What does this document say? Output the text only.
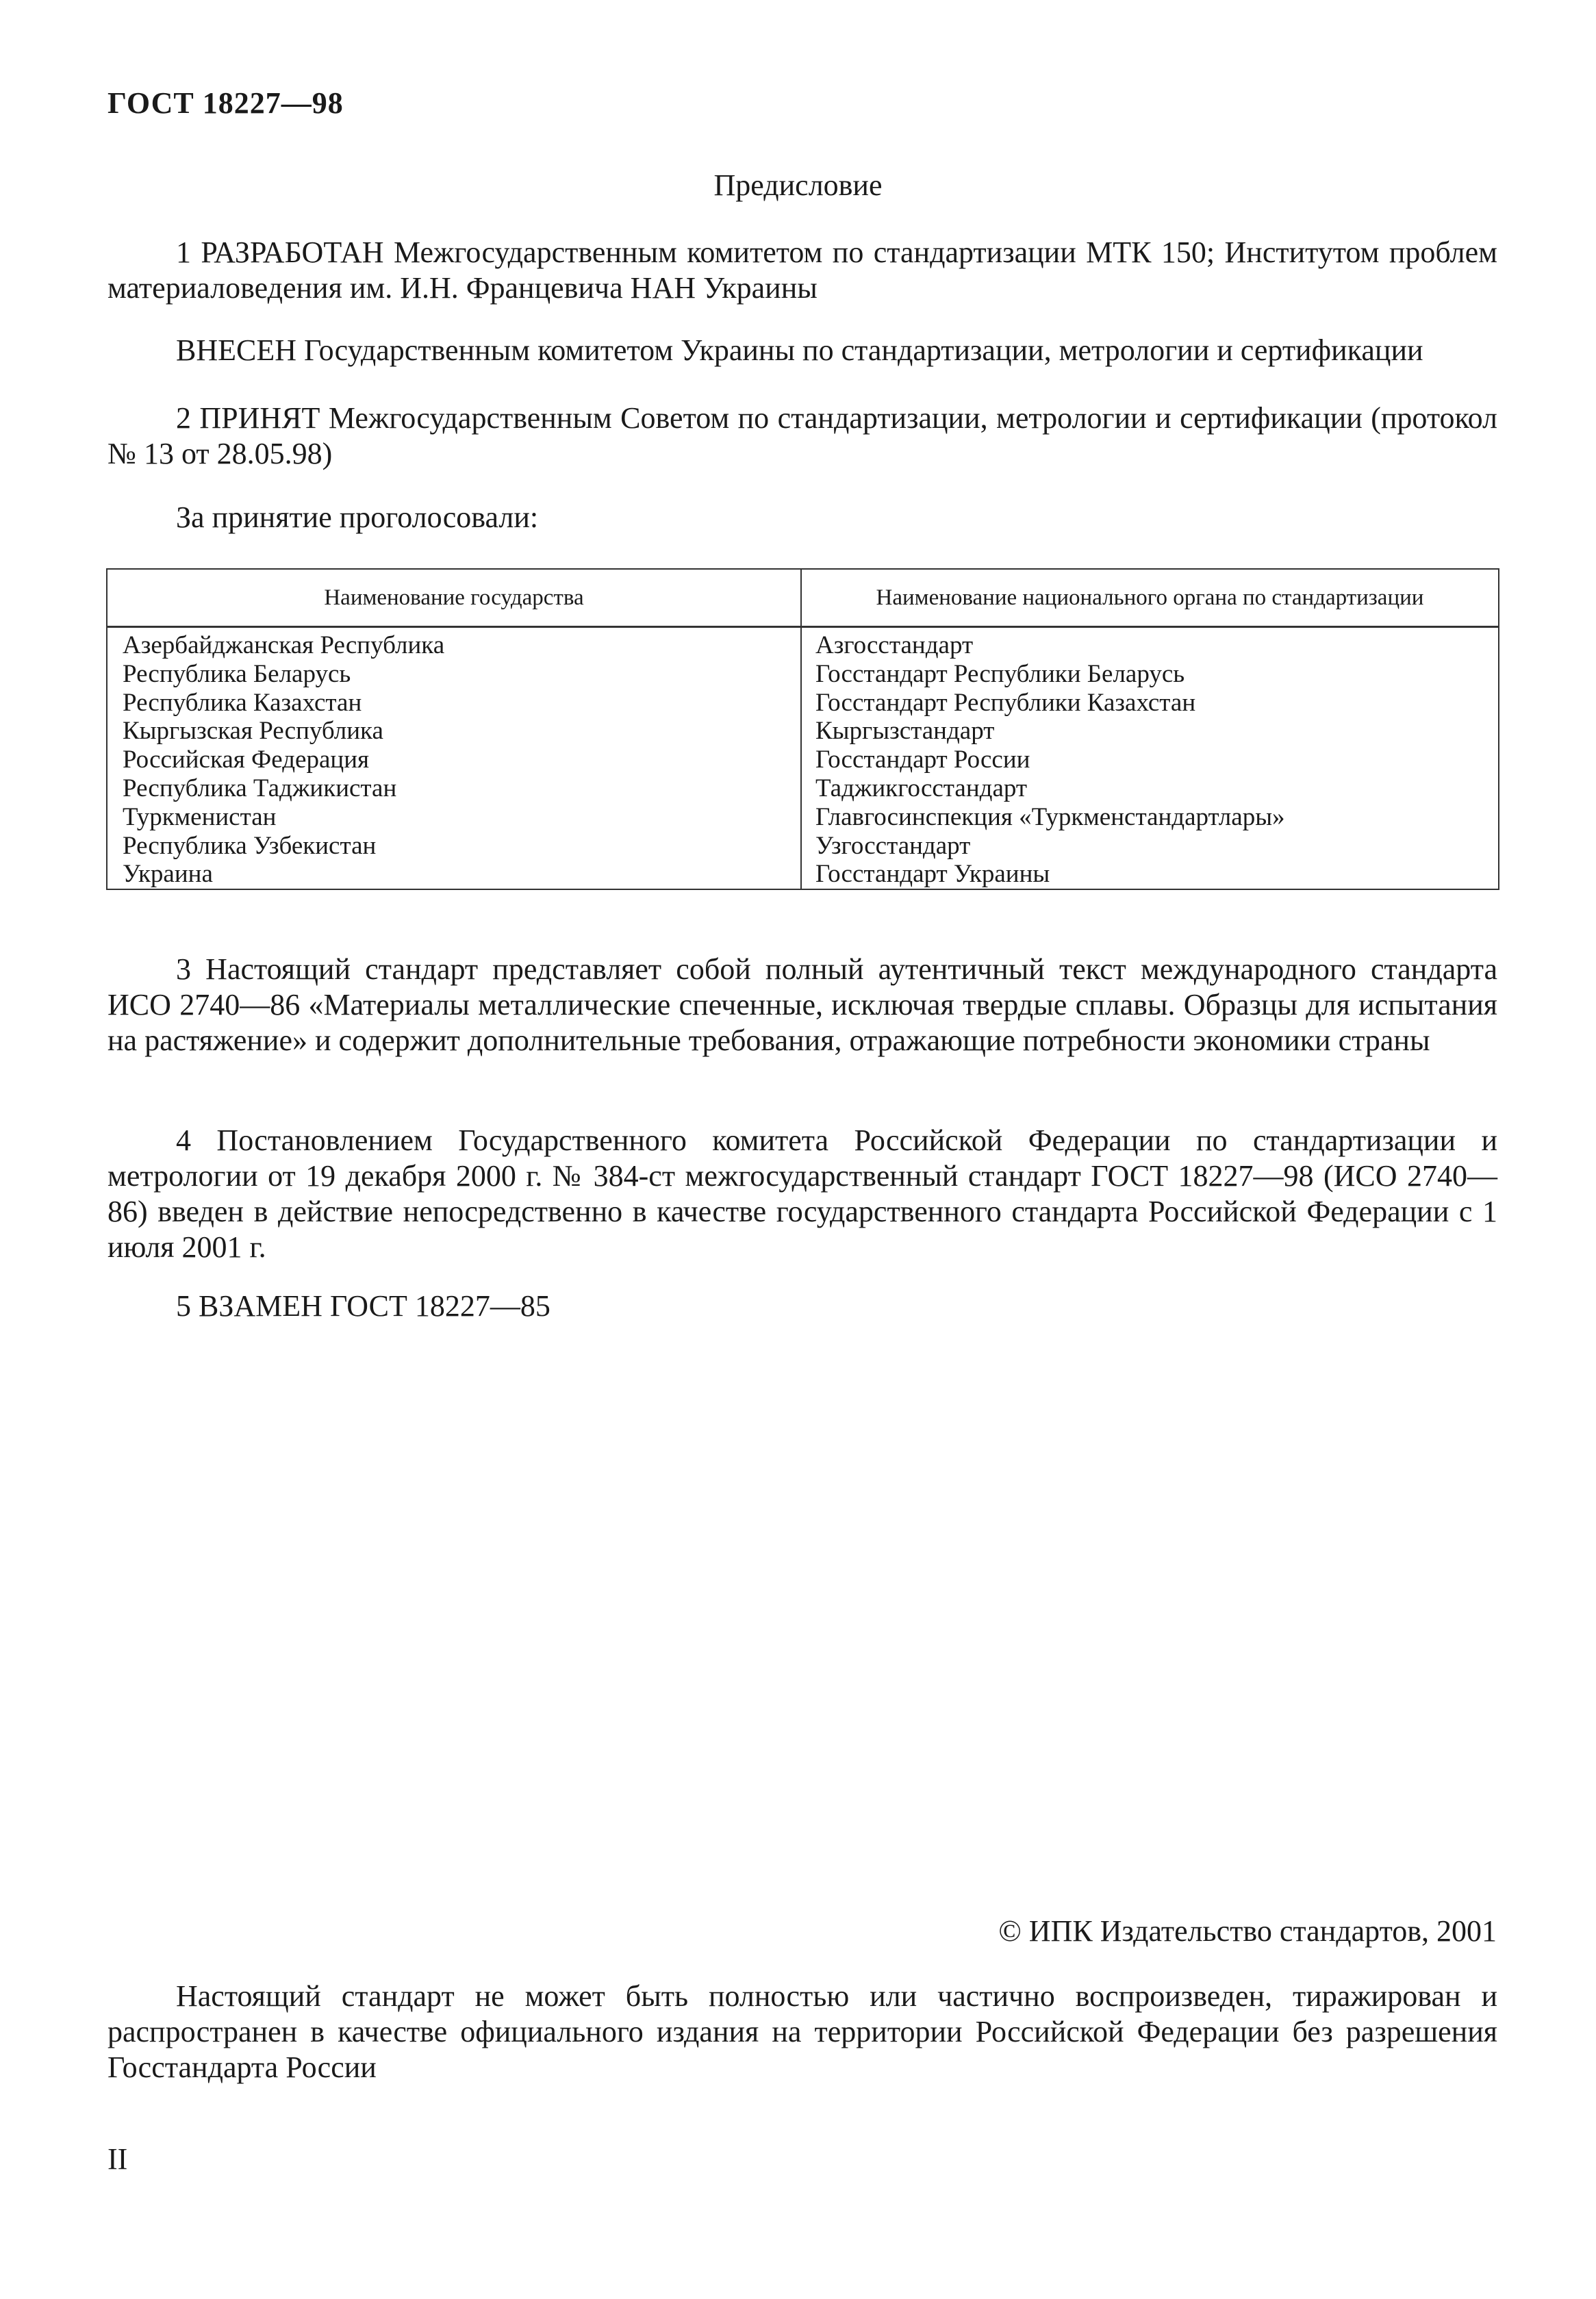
ГОСТ 18227—98
Предисловие
1 РАЗРАБОТАН Межгосударственным комитетом по стандартизации МТК 150; Институтом проблем материаловедения им. И.Н. Францевича НАН Украины
ВНЕСЕН Государственным комитетом Украины по стандартизации, метрологии и сертификации
2 ПРИНЯТ Межгосударственным Советом по стандартизации, метрологии и сертификации (протокол № 13 от 28.05.98)
За принятие проголосовали:
Наименование государства	Наименование национального органа по стандартизации
Азербайджанская Республика
Республика Беларусь
Республика Казахстан
Кыргызская Республика
Российская Федерация
Республика Таджикистан
Туркменистан
Республика Узбекистан
Украина
Азгосстандарт
Госстандарт Республики Беларусь
Госстандарт Республики Казахстан
Кыргызстандарт
Госстандарт России
Таджикгосстандарт
Главгосинспекция «Туркменстандартлары»
Узгосстандарт
Госстандарт Украины
3 Настоящий стандарт представляет собой полный аутентичный текст международного стандарта ИСО 2740—86 «Материалы металлические спеченные, исключая твердые сплавы. Образцы для испытания на растяжение» и содержит дополнительные требования, отражающие потребности экономики страны
4 Постановлением Государственного комитета Российской Федерации по стандартизации и метрологии от 19 декабря 2000 г. № 384-ст межгосударственный стандарт ГОСТ 18227—98 (ИСО 2740—86) введен в действие непосредственно в качестве государственного стандарта Российской Федерации с 1 июля 2001 г.
5 ВЗАМЕН ГОСТ 18227—85
© ИПК Издательство стандартов, 2001
Настоящий стандарт не может быть полностью или частично воспроизведен, тиражирован и распространен в качестве официального издания на территории Российской Федерации без разрешения Госстандарта России
II
